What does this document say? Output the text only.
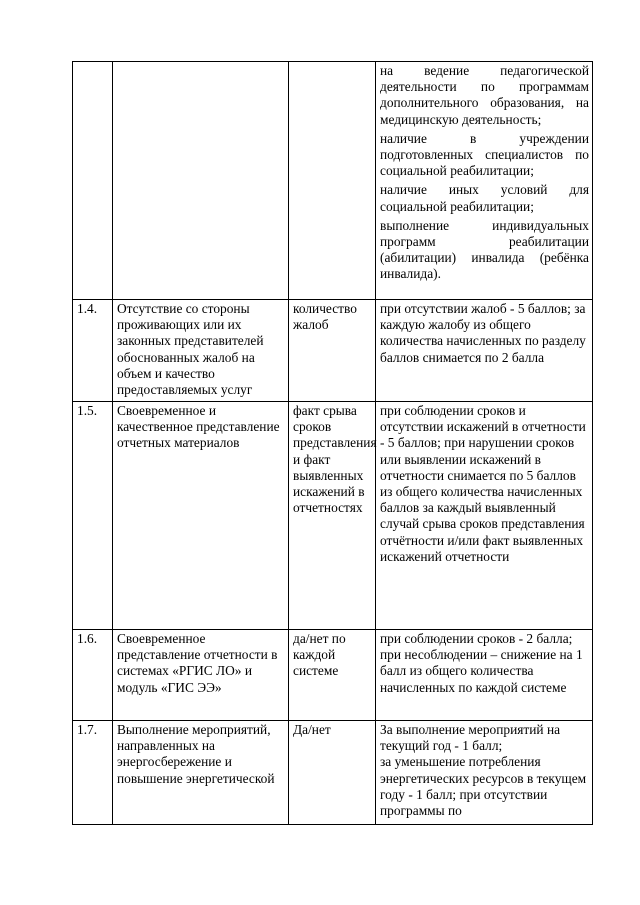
			на ведение педагогической деятельности по программам дополнительного образования, на медицинскую деятельность;

наличие в учреждении подготовленных специалистов по социальной реабилитации;

наличие иных условий для социальной реабилитации;

выполнение индивидуальных программ реабилитации (абилитации) инвалида (ребёнка инвалида).

1.4.	Отсутствие со стороны проживающих или их законных представителей обоснованных жалоб на объем и качество предоставляемых услуг	количество жалоб	при отсутствии жалоб - 5 баллов; за каждую жалобу из общего количества начисленных по разделу баллов снимается по 2 балла
1.5.	Своевременное и качественное представление отчетных материалов	факт срыва сроков представления и факт выявленных искажений в отчетностях	при соблюдении сроков и отсутствии искажений в отчетности - 5 баллов; при нарушении сроков или выявлении искажений в отчетности снимается по 5 баллов из общего количества начисленных баллов за каждый выявленный случай срыва сроков представления отчётности и/или факт выявленных искажений отчетности
1.6.	Своевременное представление отчетности в системах «РГИС ЛО» и модуль «ГИС ЭЭ»	да/нет по каждой системе	при соблюдении сроков - 2 балла;
при несоблюдении – снижение на 1 балл из общего количества начисленных по каждой системе
1.7.	Выполнение мероприятий, направленных на энергосбережение и повышение энергетической	Да/нет	За выполнение мероприятий на текущий год - 1 балл;
за уменьшение потребления энергетических ресурсов в текущем году - 1 балл; при отсутствии программы по
